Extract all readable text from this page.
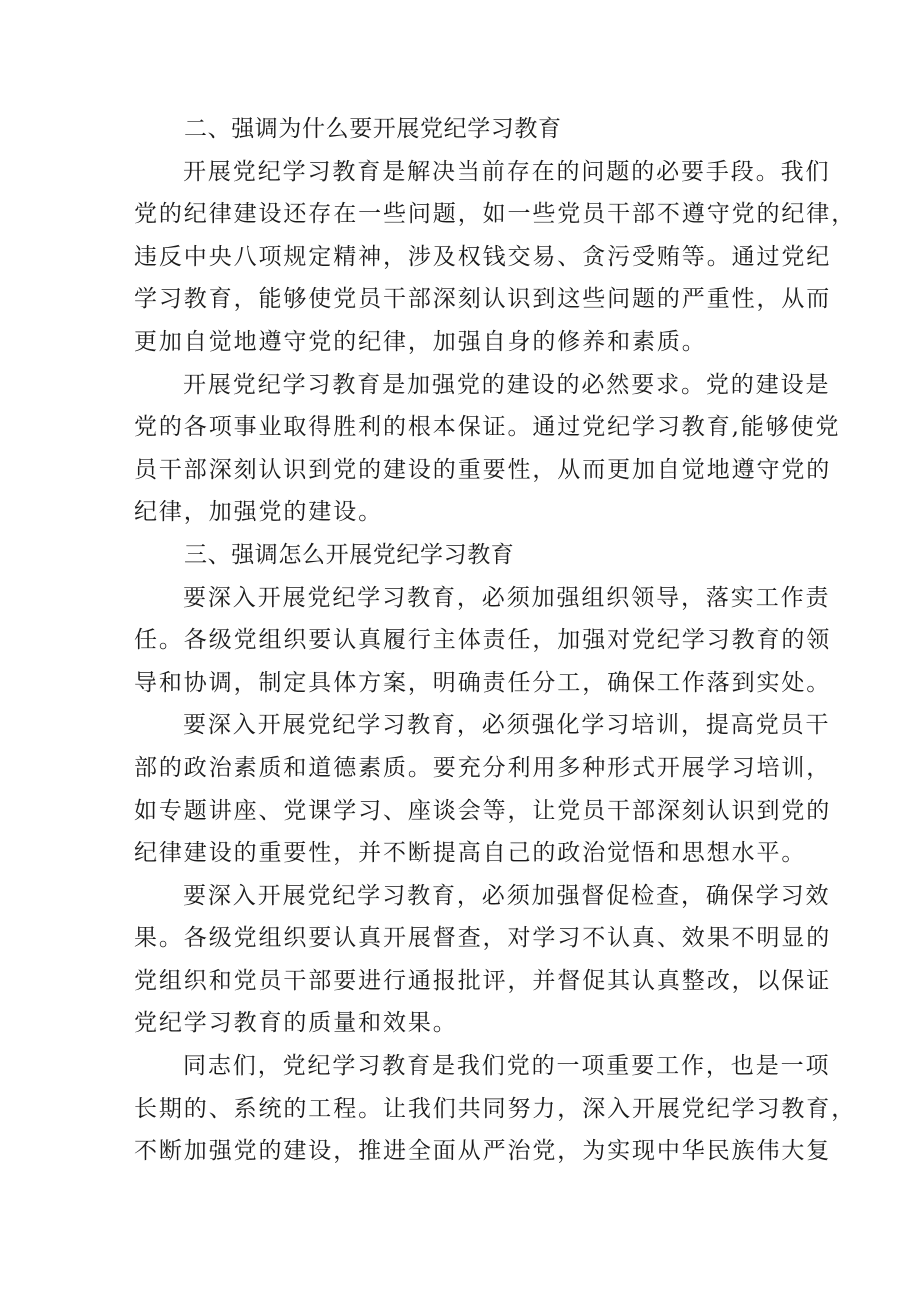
二、强调为什么要开展党纪学习教育

开展党纪学习教育是解决当前存在的问题的必要手段。我们
党的纪律建设还存在一些问题，如一些党员干部不遵守党的纪律，
违反中央八项规定精神，涉及权钱交易、贪污受贿等。通过党纪
学习教育，能够使党员干部深刻认识到这些问题的严重性，从而
更加自觉地遵守党的纪律，加强自身的修养和素质。

开展党纪学习教育是加强党的建设的必然要求。党的建设是
党的各项事业取得胜利的根本保证。通过党纪学习教育,能够使党
员干部深刻认识到党的建设的重要性，从而更加自觉地遵守党的
纪律，加强党的建设。

三、强调怎么开展党纪学习教育

要深入开展党纪学习教育，必须加强组织领导，落实工作责
任。各级党组织要认真履行主体责任，加强对党纪学习教育的领
导和协调，制定具体方案，明确责任分工，确保工作落到实处。

要深入开展党纪学习教育，必须强化学习培训，提高党员干
部的政治素质和道德素质。要充分利用多种形式开展学习培训，
如专题讲座、党课学习、座谈会等，让党员干部深刻认识到党的
纪律建设的重要性，并不断提高自己的政治觉悟和思想水平。

要深入开展党纪学习教育，必须加强督促检查，确保学习效
果。各级党组织要认真开展督查，对学习不认真、效果不明显的
党组织和党员干部要进行通报批评，并督促其认真整改，以保证
党纪学习教育的质量和效果。

同志们，党纪学习教育是我们党的一项重要工作，也是一项
长期的、系统的工程。让我们共同努力，深入开展党纪学习教育，
不断加强党的建设，推进全面从严治党，为实现中华民族伟大复
